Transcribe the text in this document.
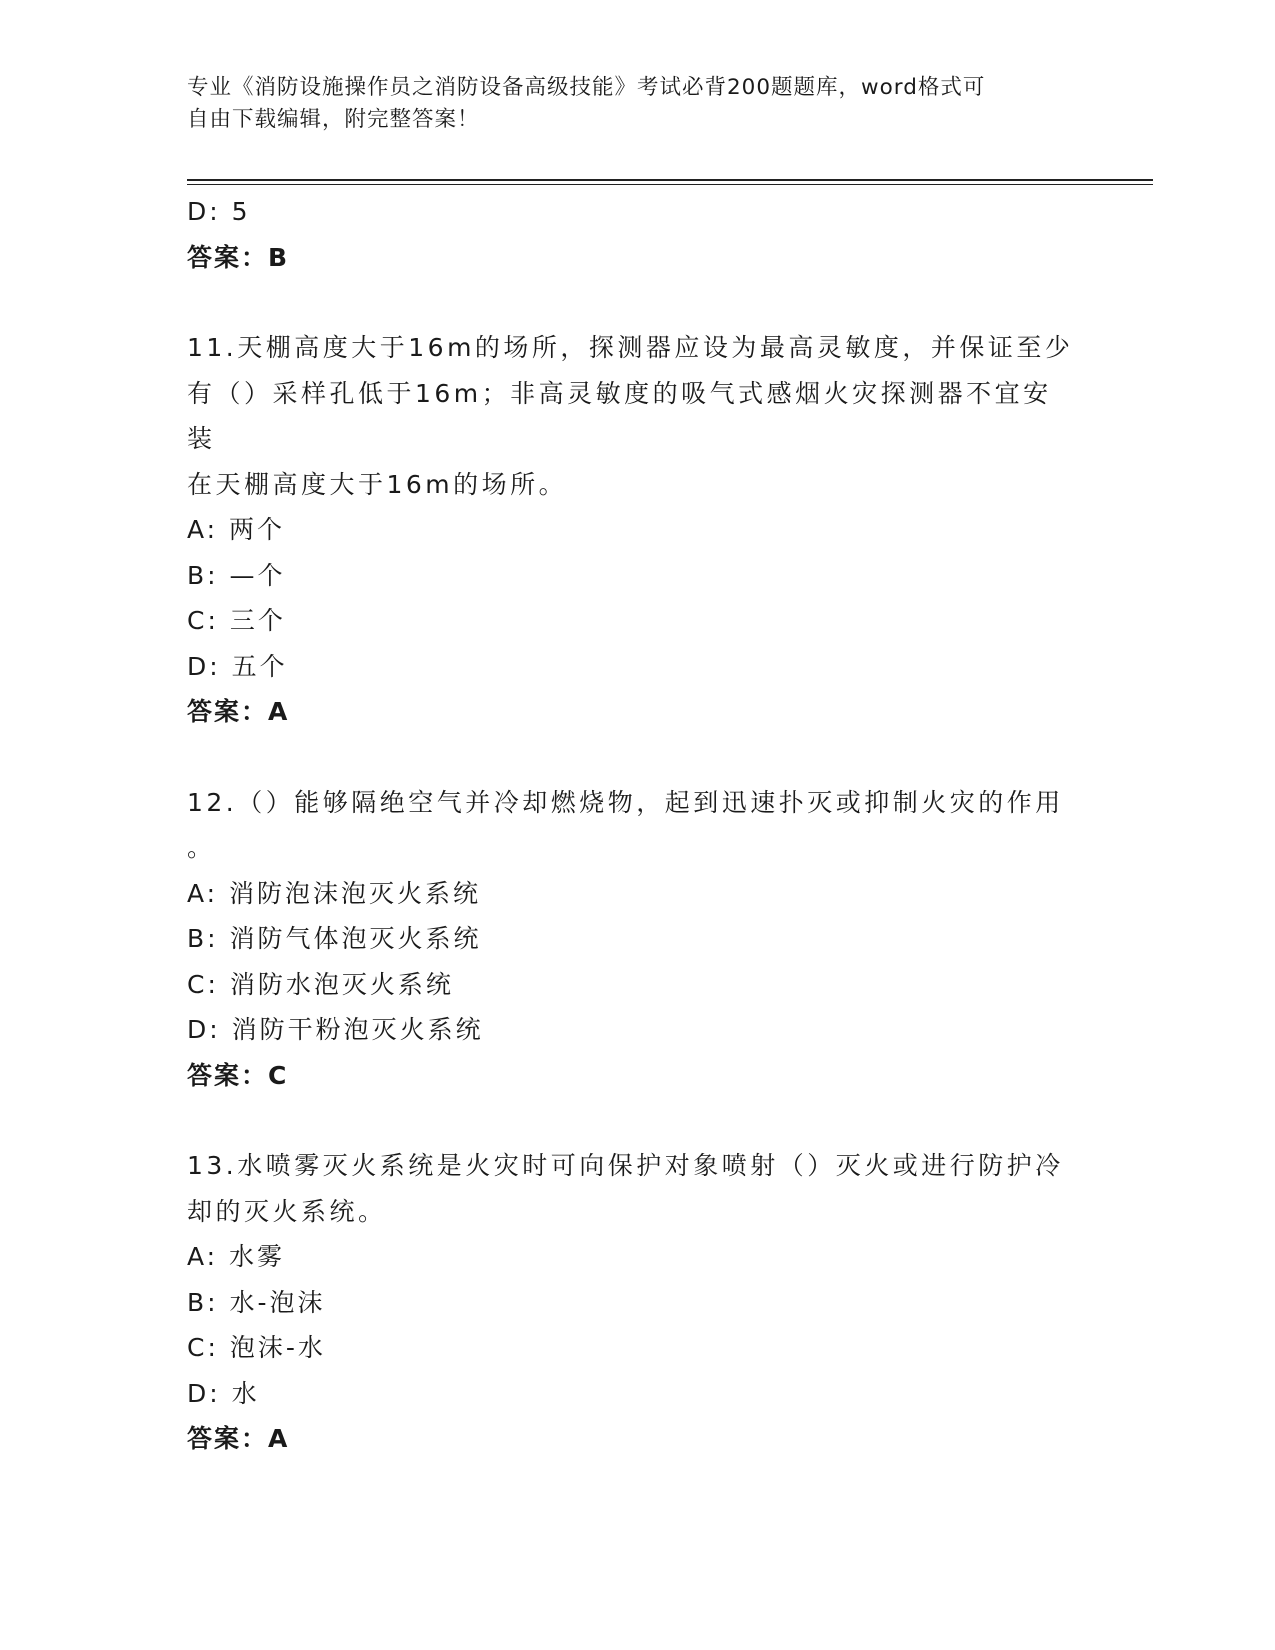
专业《消防设施操作员之消防设备高级技能》考试必背200题题库，word格式可
自由下载编辑，附完整答案！
D: 5
答案：B
11.天棚高度大于16m的场所，探测器应设为最高灵敏度，并保证至少
有（）采样孔低于16m；非高灵敏度的吸气式感烟火灾探测器不宜安装
在天棚高度大于16m的场所。
A: 两个
B: —个
C: 三个
D: 五个
答案：A
12.（）能够隔绝空气并冷却燃烧物，起到迅速扑灭或抑制火灾的作用
。
A: 消防泡沫泡灭火系统
B: 消防气体泡灭火系统
C: 消防水泡灭火系统
D: 消防干粉泡灭火系统
答案：C
13.水喷雾灭火系统是火灾时可向保护对象喷射（）灭火或进行防护冷
却的灭火系统。
A: 水雾
B: 水-泡沫
C: 泡沫-水
D: 水
答案：A
